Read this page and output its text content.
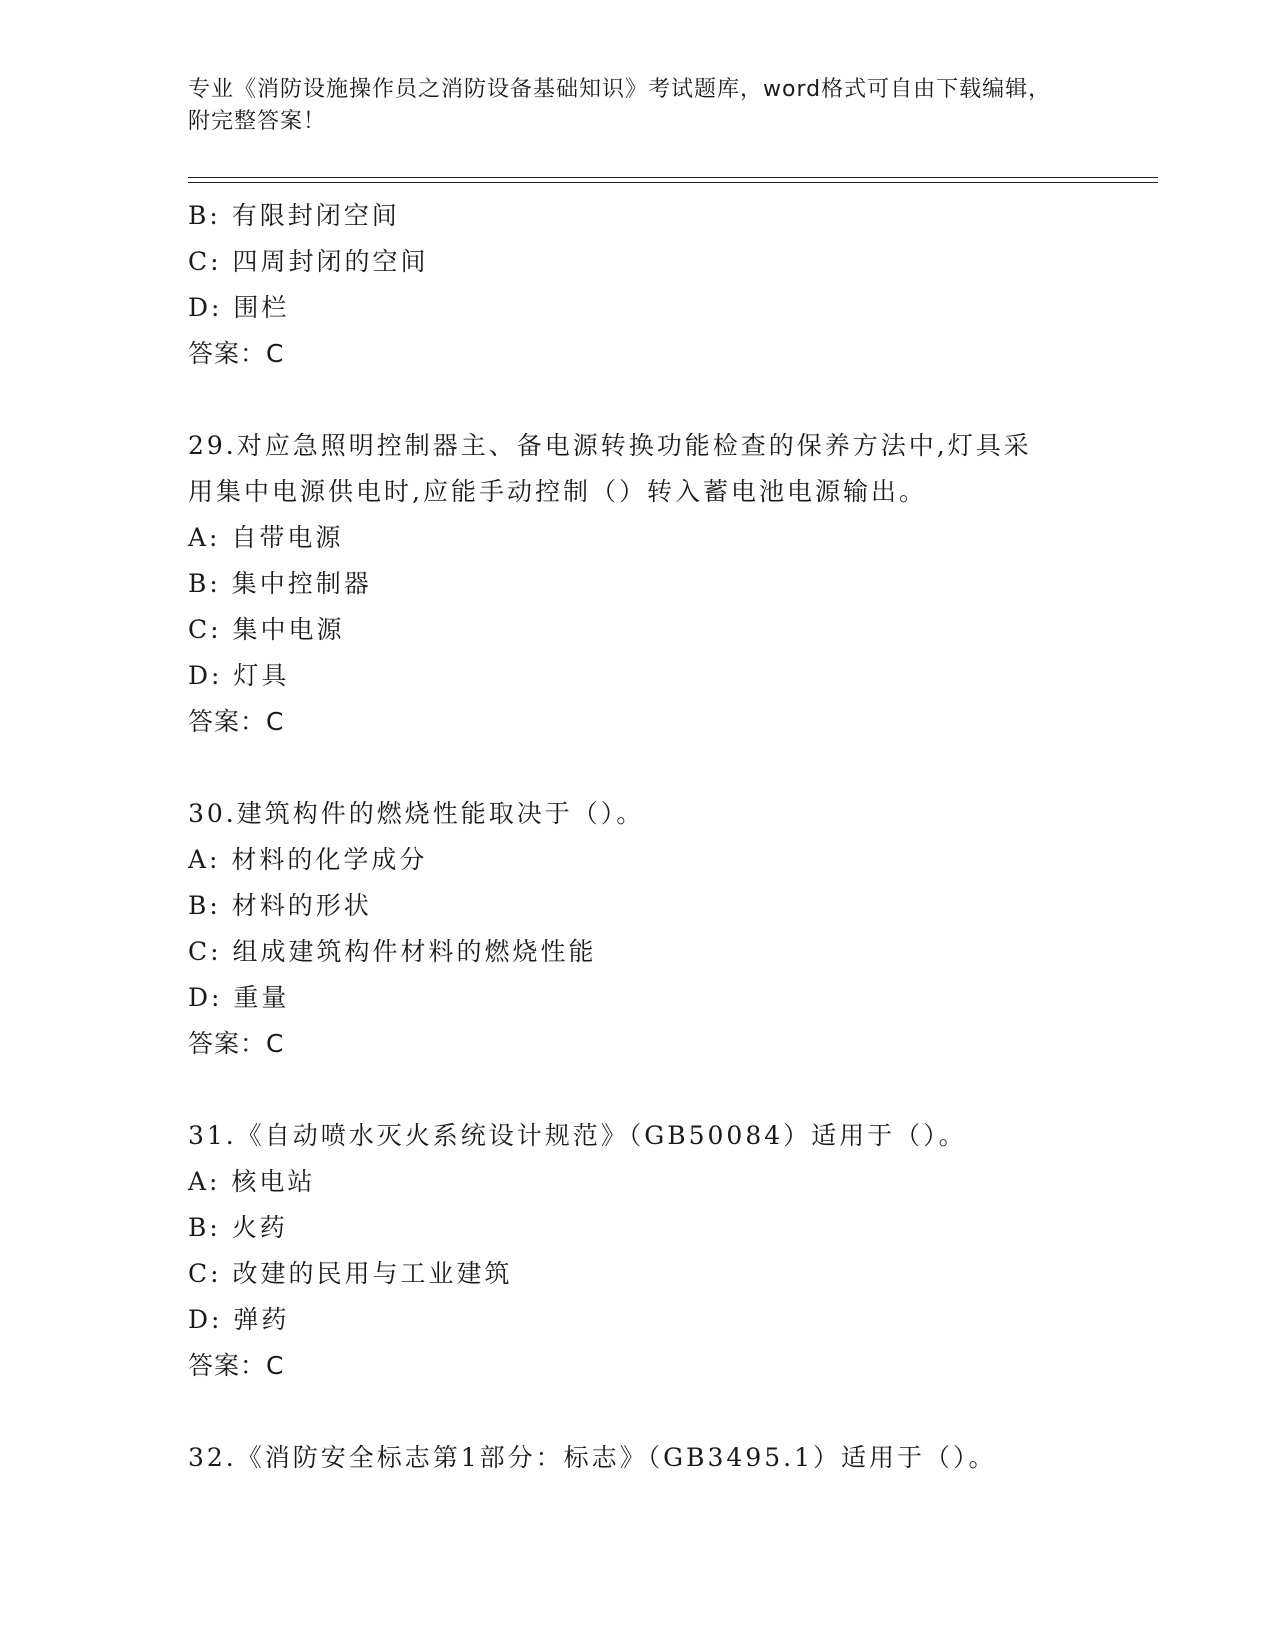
专业《消防设施操作员之消防设备基础知识》考试题库，word格式可自由下载编辑，附完整答案！
B: 有限封闭空间
C: 四周封闭的空间
D: 围栏
答案：C
29.对应急照明控制器主、备电源转换功能检查的保养方法中,灯具采用集中电源供电时,应能手动控制（）转入蓄电池电源输出。
A: 自带电源
B: 集中控制器
C: 集中电源
D: 灯具
答案：C
30.建筑构件的燃烧性能取决于（）。
A: 材料的化学成分
B: 材料的形状
C: 组成建筑构件材料的燃烧性能
D: 重量
答案：C
31.《自动喷水灭火系统设计规范》（GB50084）适用于（）。
A: 核电站
B: 火药
C: 改建的民用与工业建筑
D: 弹药
答案：C
32.《消防安全标志第1部分：标志》（GB3495.1）适用于（）。
